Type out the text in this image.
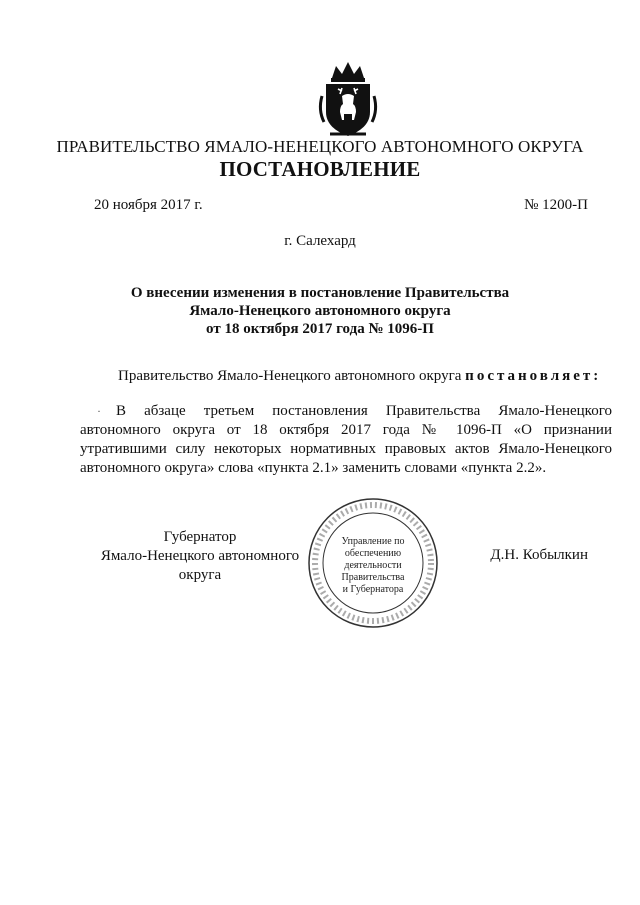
ПРАВИТЕЛЬСТВО ЯМАЛО-НЕНЕЦКОГО АВТОНОМНОГО ОКРУГА
ПОСТАНОВЛЕНИЕ
20 ноября 2017 г.	№ 1200-П
г. Салехард
О внесении изменения в постановление Правительства
Ямало-Ненецкого автономного округа
от 18 октября 2017 года № 1096-П
Правительство Ямало-Ненецкого автономного округа постановляет:
·	В абзаце третьем постановления Правительства Ямало-Ненецкого автономного округа от 18 октября 2017 года № 1096-П «О признании утратившими силу некоторых нормативных правовых актов Ямало-Ненецкого автономного округа» слова «пункта 2.1» заменить словами «пункта 2.2».
Губернатор
Ямало-Ненецкого автономного округа
Управление по
обеспечению
деятельности
Правительства
и Губернатора
Д.Н. Кобылкин
